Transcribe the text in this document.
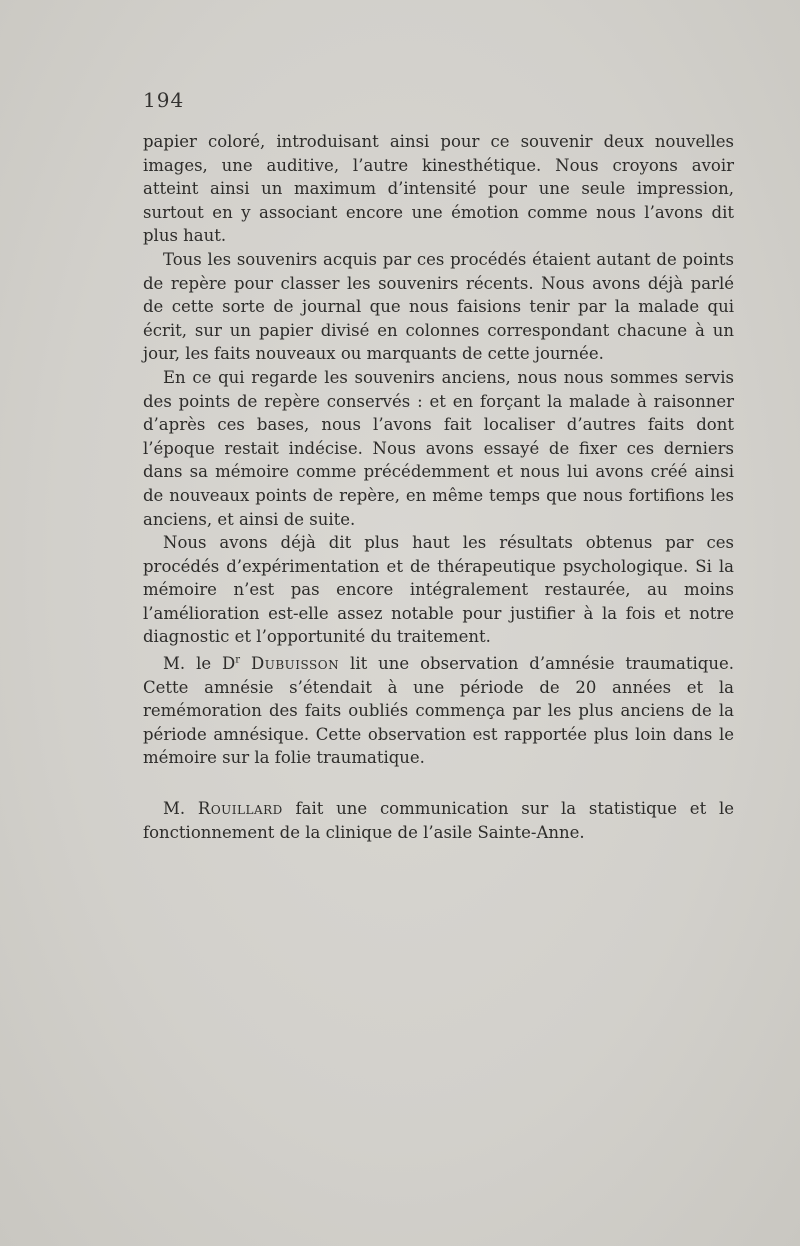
194

papier coloré, introduisant ainsi pour ce souvenir deux nouvelles images, une auditive, l’autre kinesthétique. Nous croyons avoir atteint ainsi un maximum d’intensité pour une seule impression, surtout en y associant encore une émotion comme nous l’avons dit plus haut.

Tous les souvenirs acquis par ces procédés étaient autant de points de repère pour classer les souvenirs récents. Nous avons déjà parlé de cette sorte de journal que nous faisions tenir par la malade qui écrit, sur un papier divisé en colonnes correspondant chacune à un jour, les faits nouveaux ou marquants de cette journée.

En ce qui regarde les souvenirs anciens, nous nous sommes servis des points de repère conservés : et en forçant la malade à raisonner d’après ces bases, nous l’avons fait localiser d’autres faits dont l’époque restait indécise. Nous avons essayé de fixer ces derniers dans sa mémoire comme précédemment et nous lui avons créé ainsi de nouveaux points de repère, en même temps que nous fortifions les anciens, et ainsi de suite.

Nous avons déjà dit plus haut les résultats obtenus par ces procédés d’expérimentation et de thérapeutique psychologique. Si la mémoire n’est pas encore intégralement restaurée, au moins l’amélioration est-elle assez notable pour justifier à la fois et notre diagnostic et l’opportunité du traitement.

M. le $D^r$ Dubuisson lit une observation d’amnésie traumatique. Cette amnésie s’étendait à une période de 20 années et la remémoration des faits oubliés commença par les plus anciens de la période amnésique. Cette observation est rapportée plus loin dans le mémoire sur la folie traumatique.

M. Rouillard fait une communication sur la statistique et le fonctionnement de la clinique de l’asile Sainte-Anne.
